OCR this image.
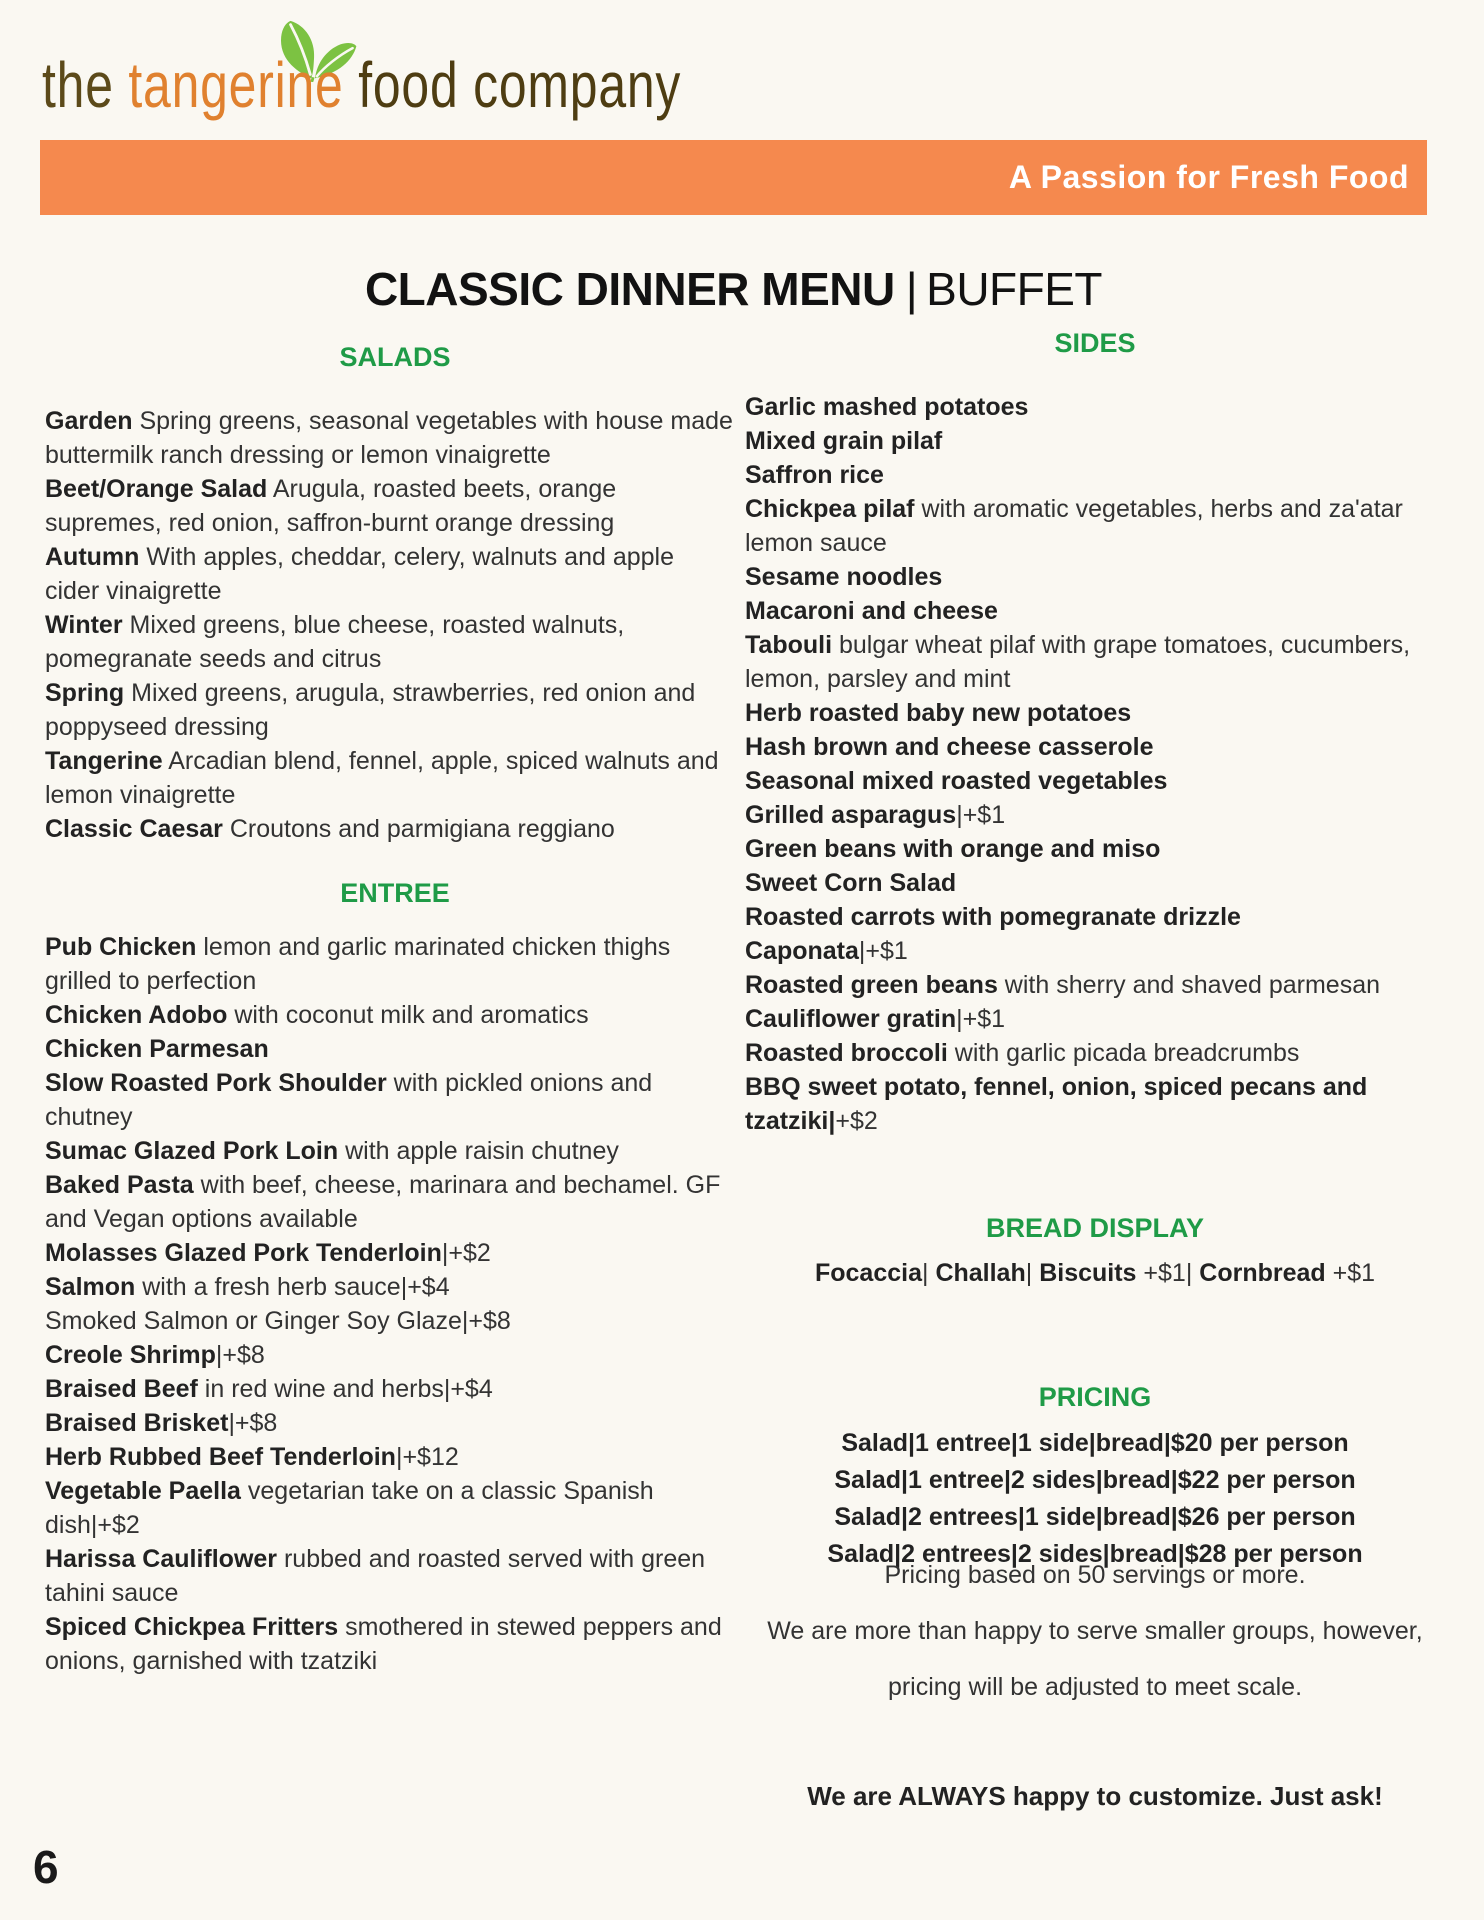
the tangerine food company
A Passion for Fresh Food
CLASSIC DINNER MENU | BUFFET
SALADS

Garden Spring greens, seasonal vegetables with house made buttermilk ranch dressing or lemon vinaigrette

Beet/Orange Salad Arugula, roasted beets, orange supremes, red onion, saffron-burnt orange dressing

Autumn With apples, cheddar, celery, walnuts and apple cider vinaigrette

Winter Mixed greens, blue cheese, roasted walnuts, pomegranate seeds and citrus

Spring Mixed greens, arugula, strawberries, red onion and poppyseed dressing

Tangerine Arcadian blend, fennel, apple, spiced walnuts and lemon vinaigrette

Classic Caesar Croutons and parmigiana reggiano

ENTREE

Pub Chicken lemon and garlic marinated chicken thighs grilled to perfection

Chicken Adobo with coconut milk and aromatics

Chicken Parmesan

Slow Roasted Pork Shoulder with pickled onions and chutney

Sumac Glazed Pork Loin with apple raisin chutney

Baked Pasta with beef, cheese, marinara and bechamel. GF and Vegan options available

Molasses Glazed Pork Tenderloin|+$2

Salmon with a fresh herb sauce|+$4

Smoked Salmon or Ginger Soy Glaze|+$8

Creole Shrimp|+$8

Braised Beef in red wine and herbs|+$4

Braised Brisket|+$8

Herb Rubbed Beef Tenderloin|+$12

Vegetable Paella vegetarian take on a classic Spanish dish|+$2

Harissa Cauliflower rubbed and roasted served with green tahini sauce

Spiced Chickpea Fritters smothered in stewed peppers and onions, garnished with tzatziki

SIDES

Garlic mashed potatoes

Mixed grain pilaf

Saffron rice

Chickpea pilaf with aromatic vegetables, herbs and za'atar lemon sauce

Sesame noodles

Macaroni and cheese

Tabouli bulgar wheat pilaf with grape tomatoes, cucumbers, lemon, parsley and mint

Herb roasted baby new potatoes

Hash brown and cheese casserole

Seasonal mixed roasted vegetables

Grilled asparagus|+$1

Green beans with orange and miso

Sweet Corn Salad

Roasted carrots with pomegranate drizzle

Caponata|+$1

Roasted green beans with sherry and shaved parmesan

Cauliflower gratin|+$1

Roasted broccoli with garlic picada breadcrumbs

BBQ sweet potato, fennel, onion, spiced pecans and tzatziki|+$2

BREAD DISPLAY

Focaccia| Challah| Biscuits +$1| Cornbread +$1

PRICING

Salad|1 entree|1 side|bread|$20 per person

Salad|1 entree|2 sides|bread|$22 per person

Salad|2 entrees|1 side|bread|$26 per person

Salad|2 entrees|2 sides|bread|$28 per person

Pricing based on 50 servings or more.

We are more than happy to serve smaller groups, however, pricing will be adjusted to meet scale.

We are ALWAYS happy to customize. Just ask!

6
